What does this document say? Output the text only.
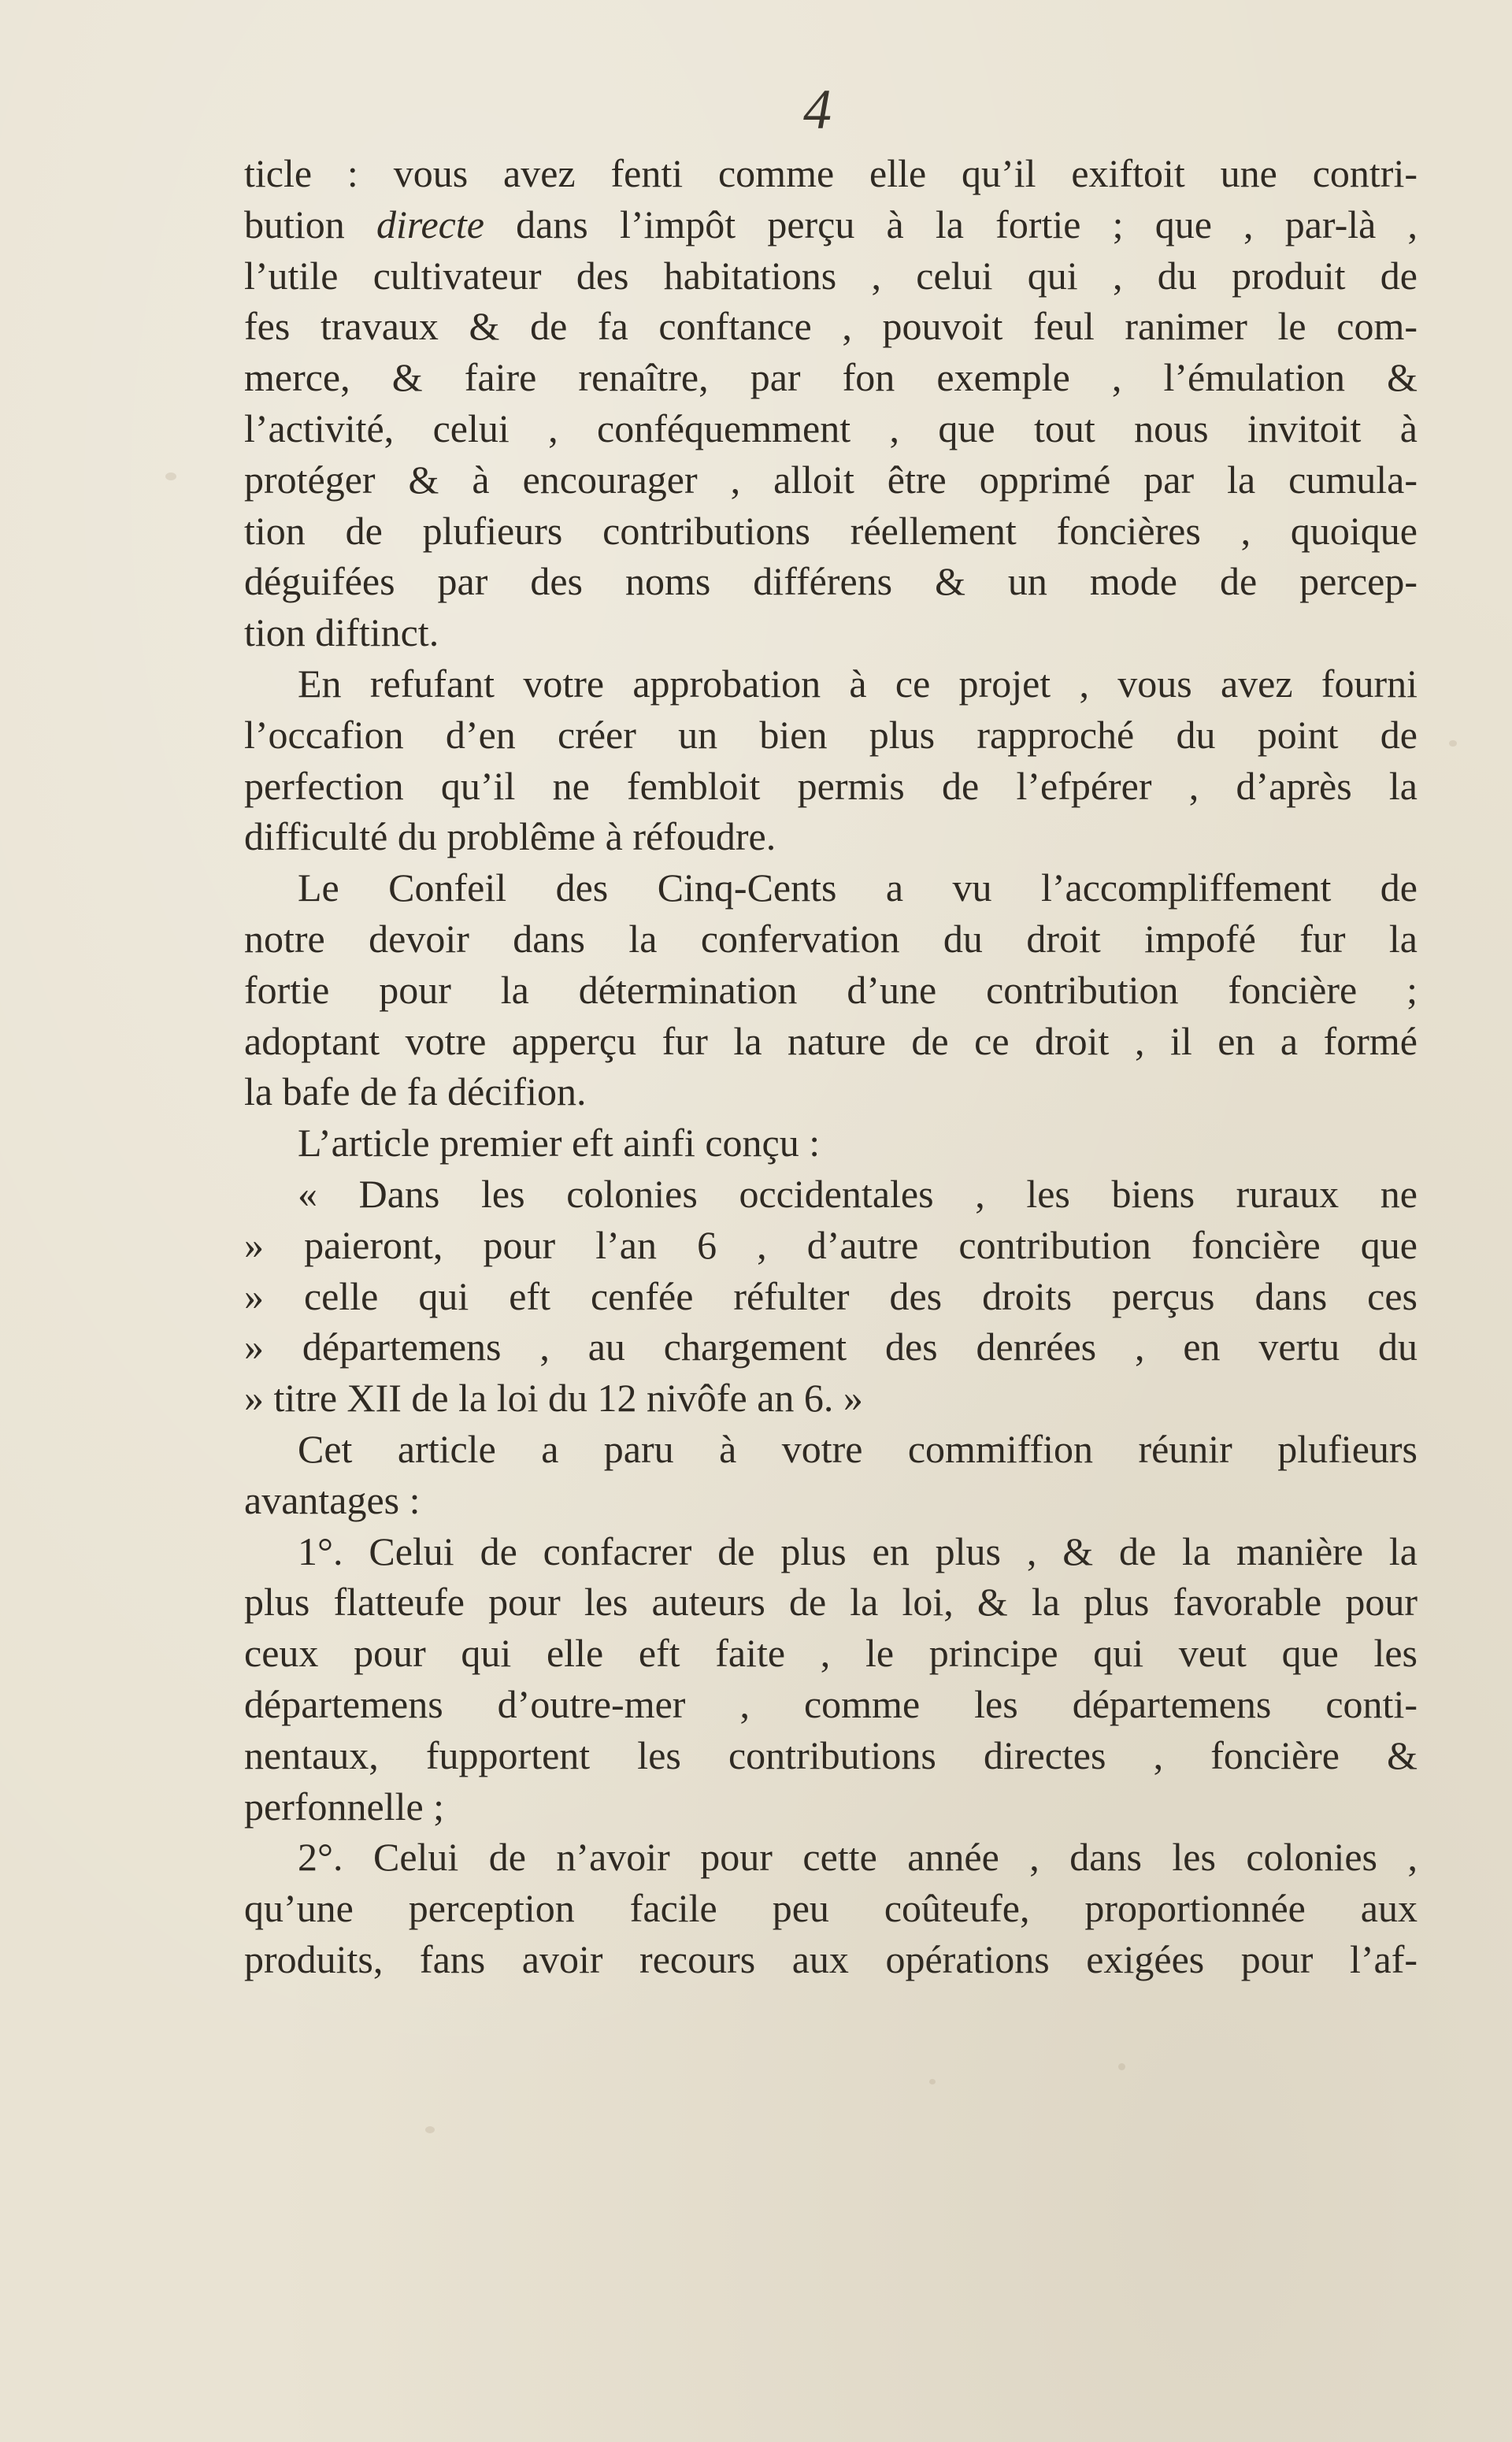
4
ticle : vous avez fenti comme elle qu’il exiftoit une contri-
bution directe dans l’impôt perçu à la fortie ; que , par-là ,
l’utile cultivateur des habitations , celui qui , du produit de
fes travaux & de fa conftance , pouvoit feul ranimer le com-
merce, & faire renaître, par fon exemple , l’émulation &
l’activité, celui , conféquemment , que tout nous invitoit à
protéger & à encourager , alloit être opprimé par la cumula-
tion de plufieurs contributions réellement foncières , quoique
déguifées par des noms différens & un mode de percep-
tion diftinct.
En refufant votre approbation à ce projet , vous avez fourni
l’occafion d’en créer un bien plus rapproché du point de
perfection qu’il ne fembloit permis de l’efpérer , d’après la
difficulté du problême à réfoudre.
Le Confeil des Cinq-Cents a vu l’accompliffement de
notre devoir dans la confervation du droit impofé fur la
fortie pour la détermination d’une contribution foncière ;
adoptant votre apperçu fur la nature de ce droit , il en a formé
la bafe de fa décifion.
L’article premier eft ainfi conçu :
« Dans les colonies occidentales , les biens ruraux ne
» paieront, pour l’an 6 , d’autre contribution foncière que
» celle qui eft cenfée réfulter des droits perçus dans ces
» départemens , au chargement des denrées , en vertu du
» titre XII de la loi du 12 nivôfe an 6. »
Cet article a paru à votre commiffion réunir plufieurs
avantages :
1°. Celui de confacrer de plus en plus , & de la manière la
plus flatteufe pour les auteurs de la loi, & la plus favorable pour
ceux pour qui elle eft faite , le principe qui veut que les
départemens d’outre-mer , comme les départemens conti-
nentaux, fupportent les contributions directes , foncière &
perfonnelle ;
2°. Celui de n’avoir pour cette année , dans les colonies ,
qu’une perception facile peu coûteufe, proportionnée aux
produits, fans avoir recours aux opérations exigées pour l’af-
